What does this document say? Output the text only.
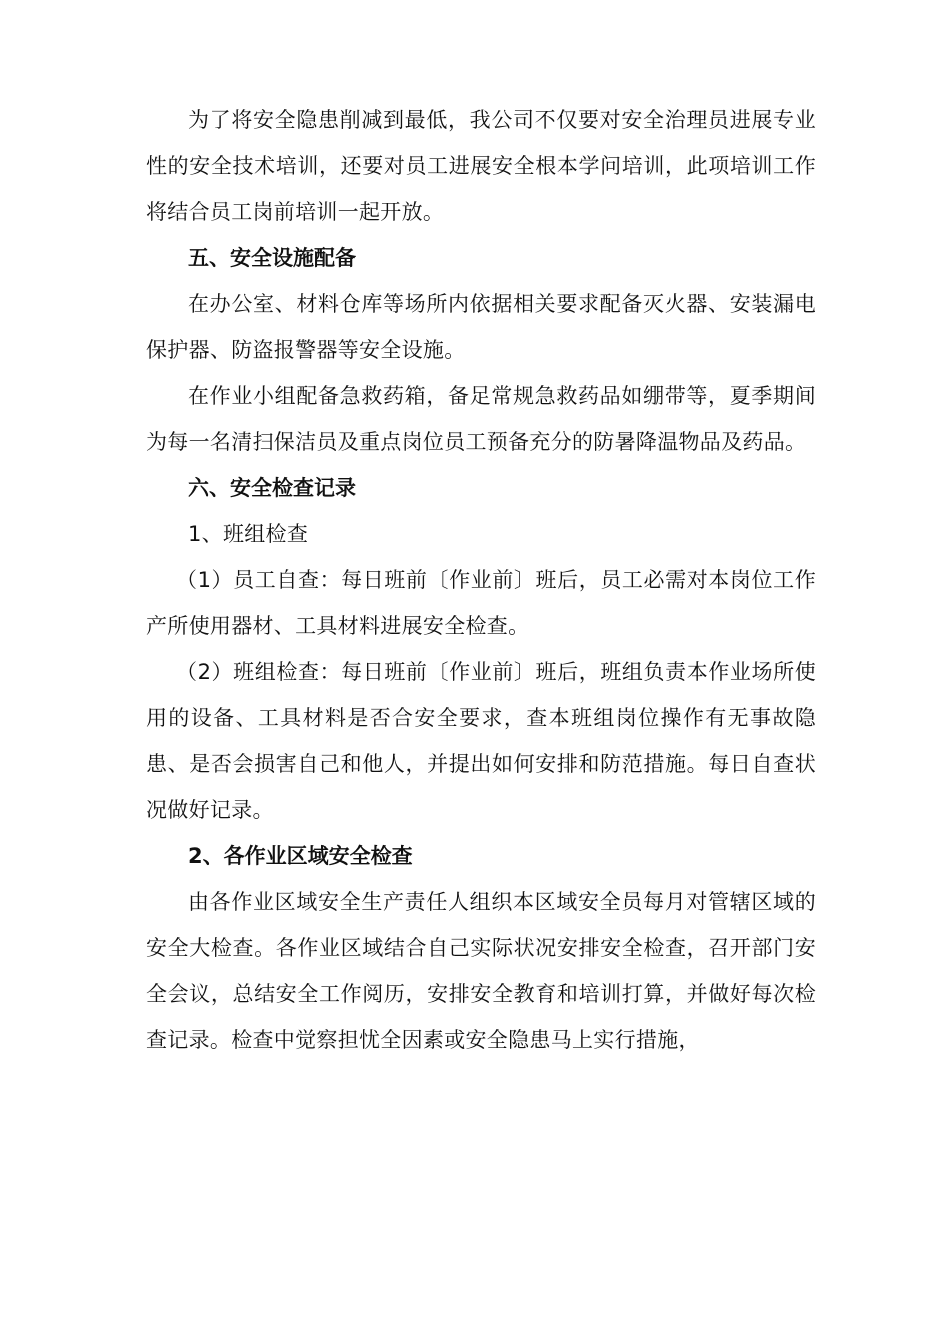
为了将安全隐患削减到最低，我公司不仅要对安全治理员进展专业性的安全技术培训，还要对员工进展安全根本学问培训，此项培训工作将结合员工岗前培训一起开放。

五、安全设施配备

在办公室、材料仓库等场所内依据相关要求配备灭火器、安装漏电保护器、防盗报警器等安全设施。

在作业小组配备急救药箱，备足常规急救药品如绷带等，夏季期间为每一名清扫保洁员及重点岗位员工预备充分的防暑降温物品及药品。

六、安全检查记录

1、班组检查

（1）员工自查：每日班前〔作业前〕班后，员工必需对本岗位工作产所使用器材、工具材料进展安全检查。

（2）班组检查：每日班前〔作业前〕班后，班组负责本作业场所使用的设备、工具材料是否合安全要求，查本班组岗位操作有无事故隐患、是否会损害自己和他人，并提出如何安排和防范措施。每日自查状况做好记录。

2、各作业区域安全检查

由各作业区域安全生产责任人组织本区域安全员每月对管辖区域的安全大检查。各作业区域结合自己实际状况安排安全检查，召开部门安全会议，总结安全工作阅历，安排安全教育和培训打算，并做好每次检查记录。检查中觉察担忧全因素或安全隐患马上实行措施，
